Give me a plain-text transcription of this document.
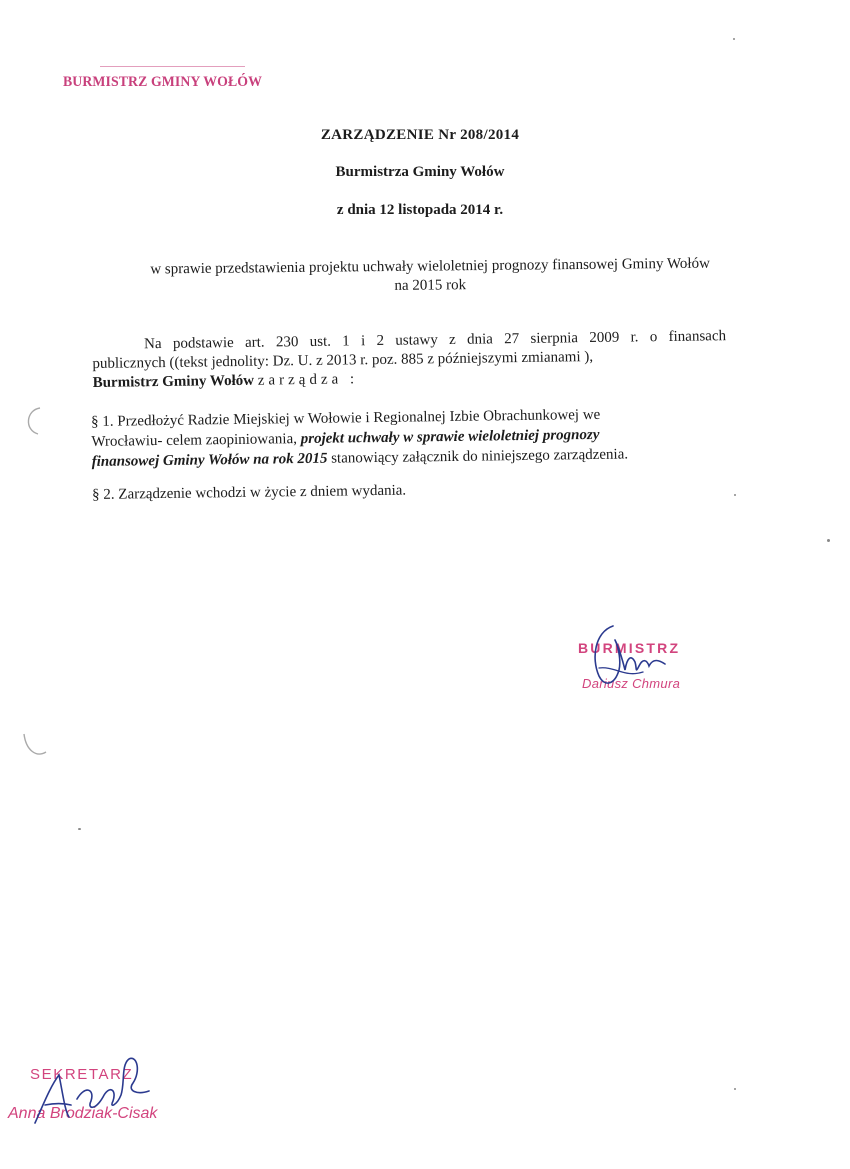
BURMISTRZ GMINY WOŁÓW
ZARZĄDZENIE Nr 208/2014
Burmistrza Gminy Wołów
z dnia 12 listopada 2014 r.
w sprawie przedstawienia projektu uchwały wieloletniej prognozy finansowej Gminy Wołów
na 2015 rok
Na podstawie art. 230 ust. 1 i 2 ustawy z dnia 27 sierpnia 2009 r. o finansach
publicznych ((tekst jednolity: Dz. U. z 2013 r. poz. 885 z późniejszymi zmianami ),
Burmistrz Gminy Wołów zarządza :
§ 1. Przedłożyć Radzie Miejskiej w Wołowie i Regionalnej Izbie Obrachunkowej we
Wrocławiu- celem zaopiniowania, projekt uchwały w sprawie wieloletniej prognozy
finansowej Gminy Wołów na rok 2015 stanowiący załącznik do niniejszego zarządzenia.
§ 2. Zarządzenie wchodzi w życie z dniem wydania.
BURMISTRZ
Dariusz Chmura
SEKRETARZ
Anna Brodziak-Cisak
